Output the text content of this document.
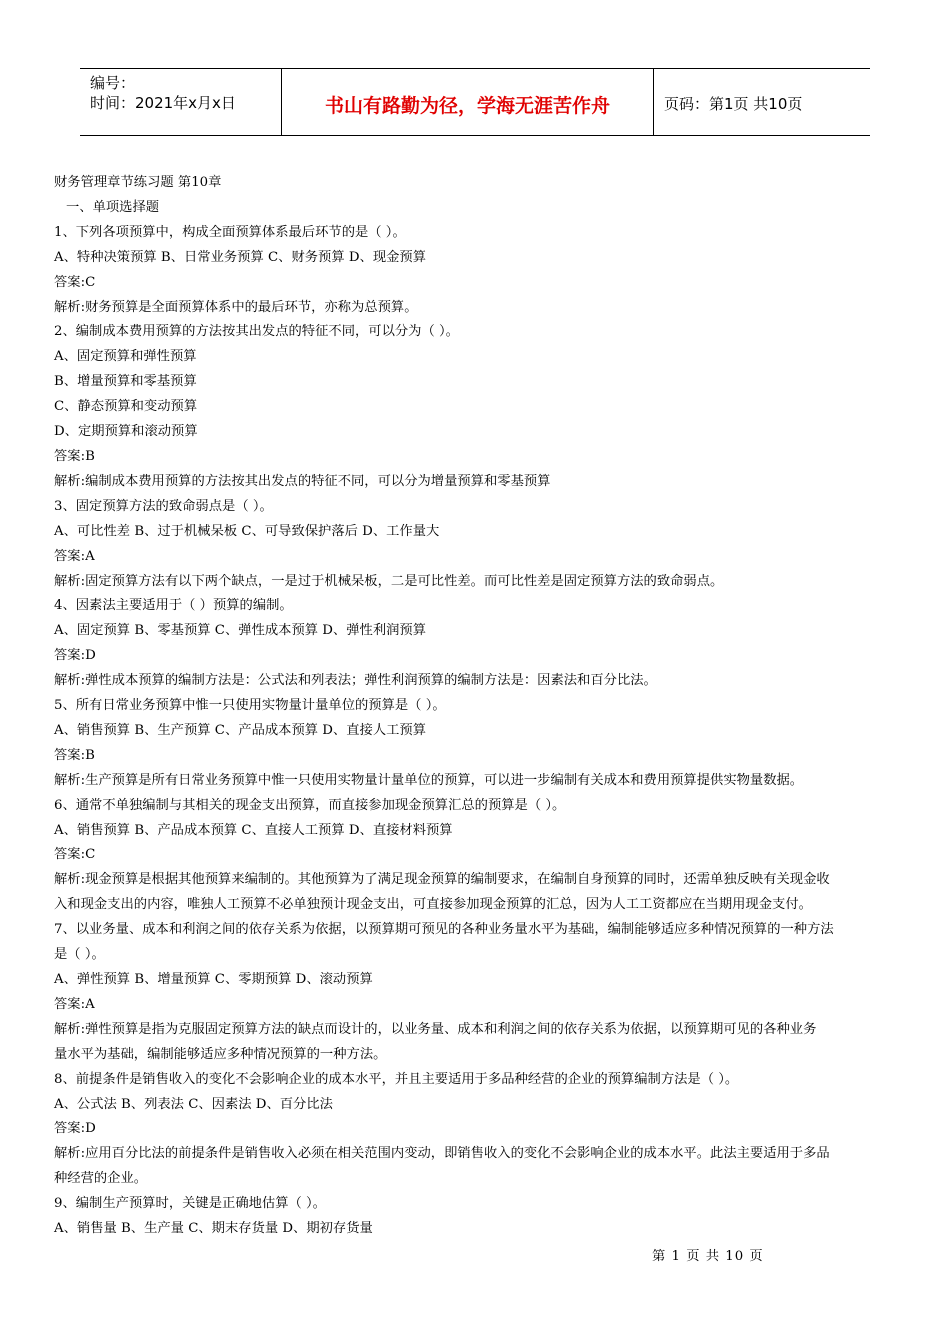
编号：
时间：2021年x月x日	书山有路勤为径，学海无涯苦作舟	页码：第1页 共10页

财务管理章节练习题 第10章

一、单项选择题

1、下列各项预算中，构成全面预算体系最后环节的是（ ）。

A、特种决策预算 B、日常业务预算 C、财务预算 D、现金预算

答案:C

解析:财务预算是全面预算体系中的最后环节，亦称为总预算。

2、编制成本费用预算的方法按其出发点的特征不同，可以分为（ ）。

A、固定预算和弹性预算

B、增量预算和零基预算

C、静态预算和变动预算

D、定期预算和滚动预算

答案:B

解析:编制成本费用预算的方法按其出发点的特征不同，可以分为增量预算和零基预算

3、固定预算方法的致命弱点是（ ）。

A、可比性差 B、过于机械呆板 C、可导致保护落后 D、工作量大

答案:A

解析:固定预算方法有以下两个缺点，一是过于机械呆板，二是可比性差。而可比性差是固定预算方法的致命弱点。

4、因素法主要适用于（ ）预算的编制。

A、固定预算 B、零基预算 C、弹性成本预算 D、弹性利润预算

答案:D

解析:弹性成本预算的编制方法是：公式法和列表法；弹性利润预算的编制方法是：因素法和百分比法。

5、所有日常业务预算中惟一只使用实物量计量单位的预算是（ ）。

A、销售预算 B、生产预算 C、产品成本预算 D、直接人工预算

答案:B

解析:生产预算是所有日常业务预算中惟一只使用实物量计量单位的预算，可以进一步编制有关成本和费用预算提供实物量数据。

6、通常不单独编制与其相关的现金支出预算，而直接参加现金预算汇总的预算是（ ）。

A、销售预算 B、产品成本预算 C、直接人工预算 D、直接材料预算

答案:C

解析:现金预算是根据其他预算来编制的。其他预算为了满足现金预算的编制要求，在编制自身预算的同时，还需单独反映有关现金收

入和现金支出的内容，唯独人工预算不必单独预计现金支出，可直接参加现金预算的汇总，因为人工工资都应在当期用现金支付。

7、以业务量、成本和利润之间的依存关系为依据，以预算期可预见的各种业务量水平为基础，编制能够适应多种情况预算的一种方法

是（ ）。

A、弹性预算 B、增量预算 C、零期预算 D、滚动预算

答案:A

解析:弹性预算是指为克服固定预算方法的缺点而设计的，以业务量、成本和利润之间的依存关系为依据，以预算期可见的各种业务

量水平为基础，编制能够适应多种情况预算的一种方法。

8、前提条件是销售收入的变化不会影响企业的成本水平，并且主要适用于多品种经营的企业的预算编制方法是（ ）。

A、公式法 B、列表法 C、因素法 D、百分比法

答案:D

解析:应用百分比法的前提条件是销售收入必须在相关范围内变动，即销售收入的变化不会影响企业的成本水平。此法主要适用于多品

种经营的企业。

9、编制生产预算时，关键是正确地估算（ ）。

A、销售量 B、生产量 C、期末存货量 D、期初存货量

第 1 页 共 10 页
